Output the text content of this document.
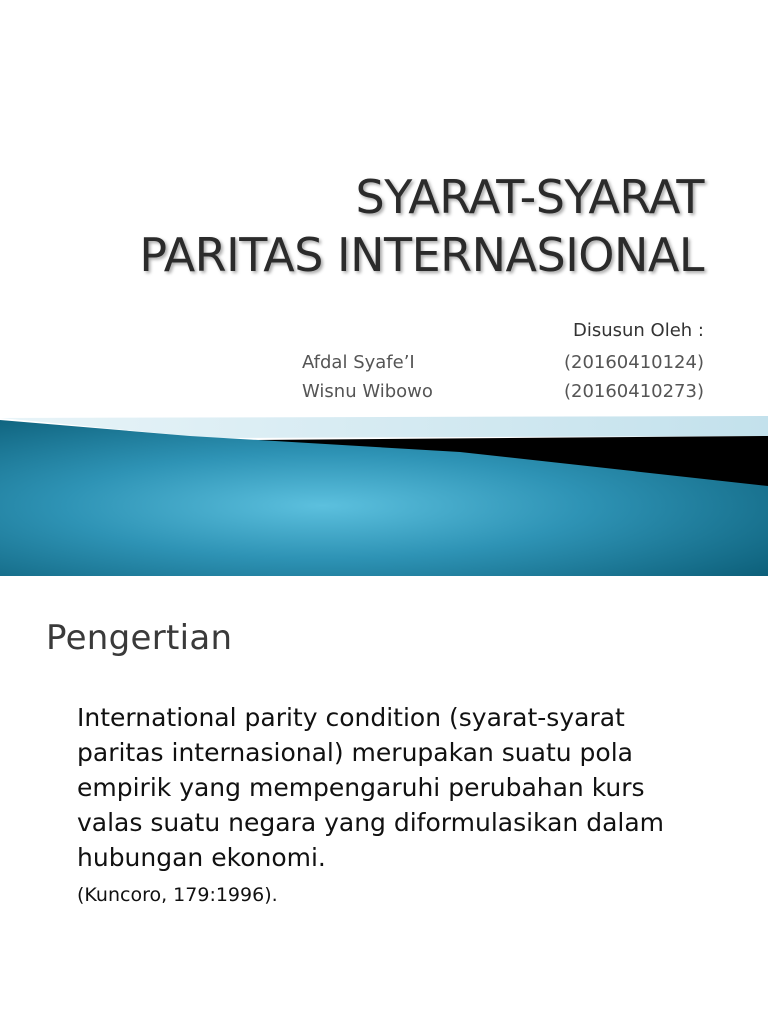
SYARAT-SYARAT
PARITAS INTERNASIONAL

Disusun Oleh :

Afdal Syafe’I	(20160410124)
Wisnu Wibowo	(20160410273)
Pengertian

International parity condition (syarat-syarat paritas internasional) merupakan suatu pola empirik yang mempengaruhi perubahan kurs valas suatu negara yang diformulasikan dalam hubungan ekonomi.

(Kuncoro, 179:1996).
